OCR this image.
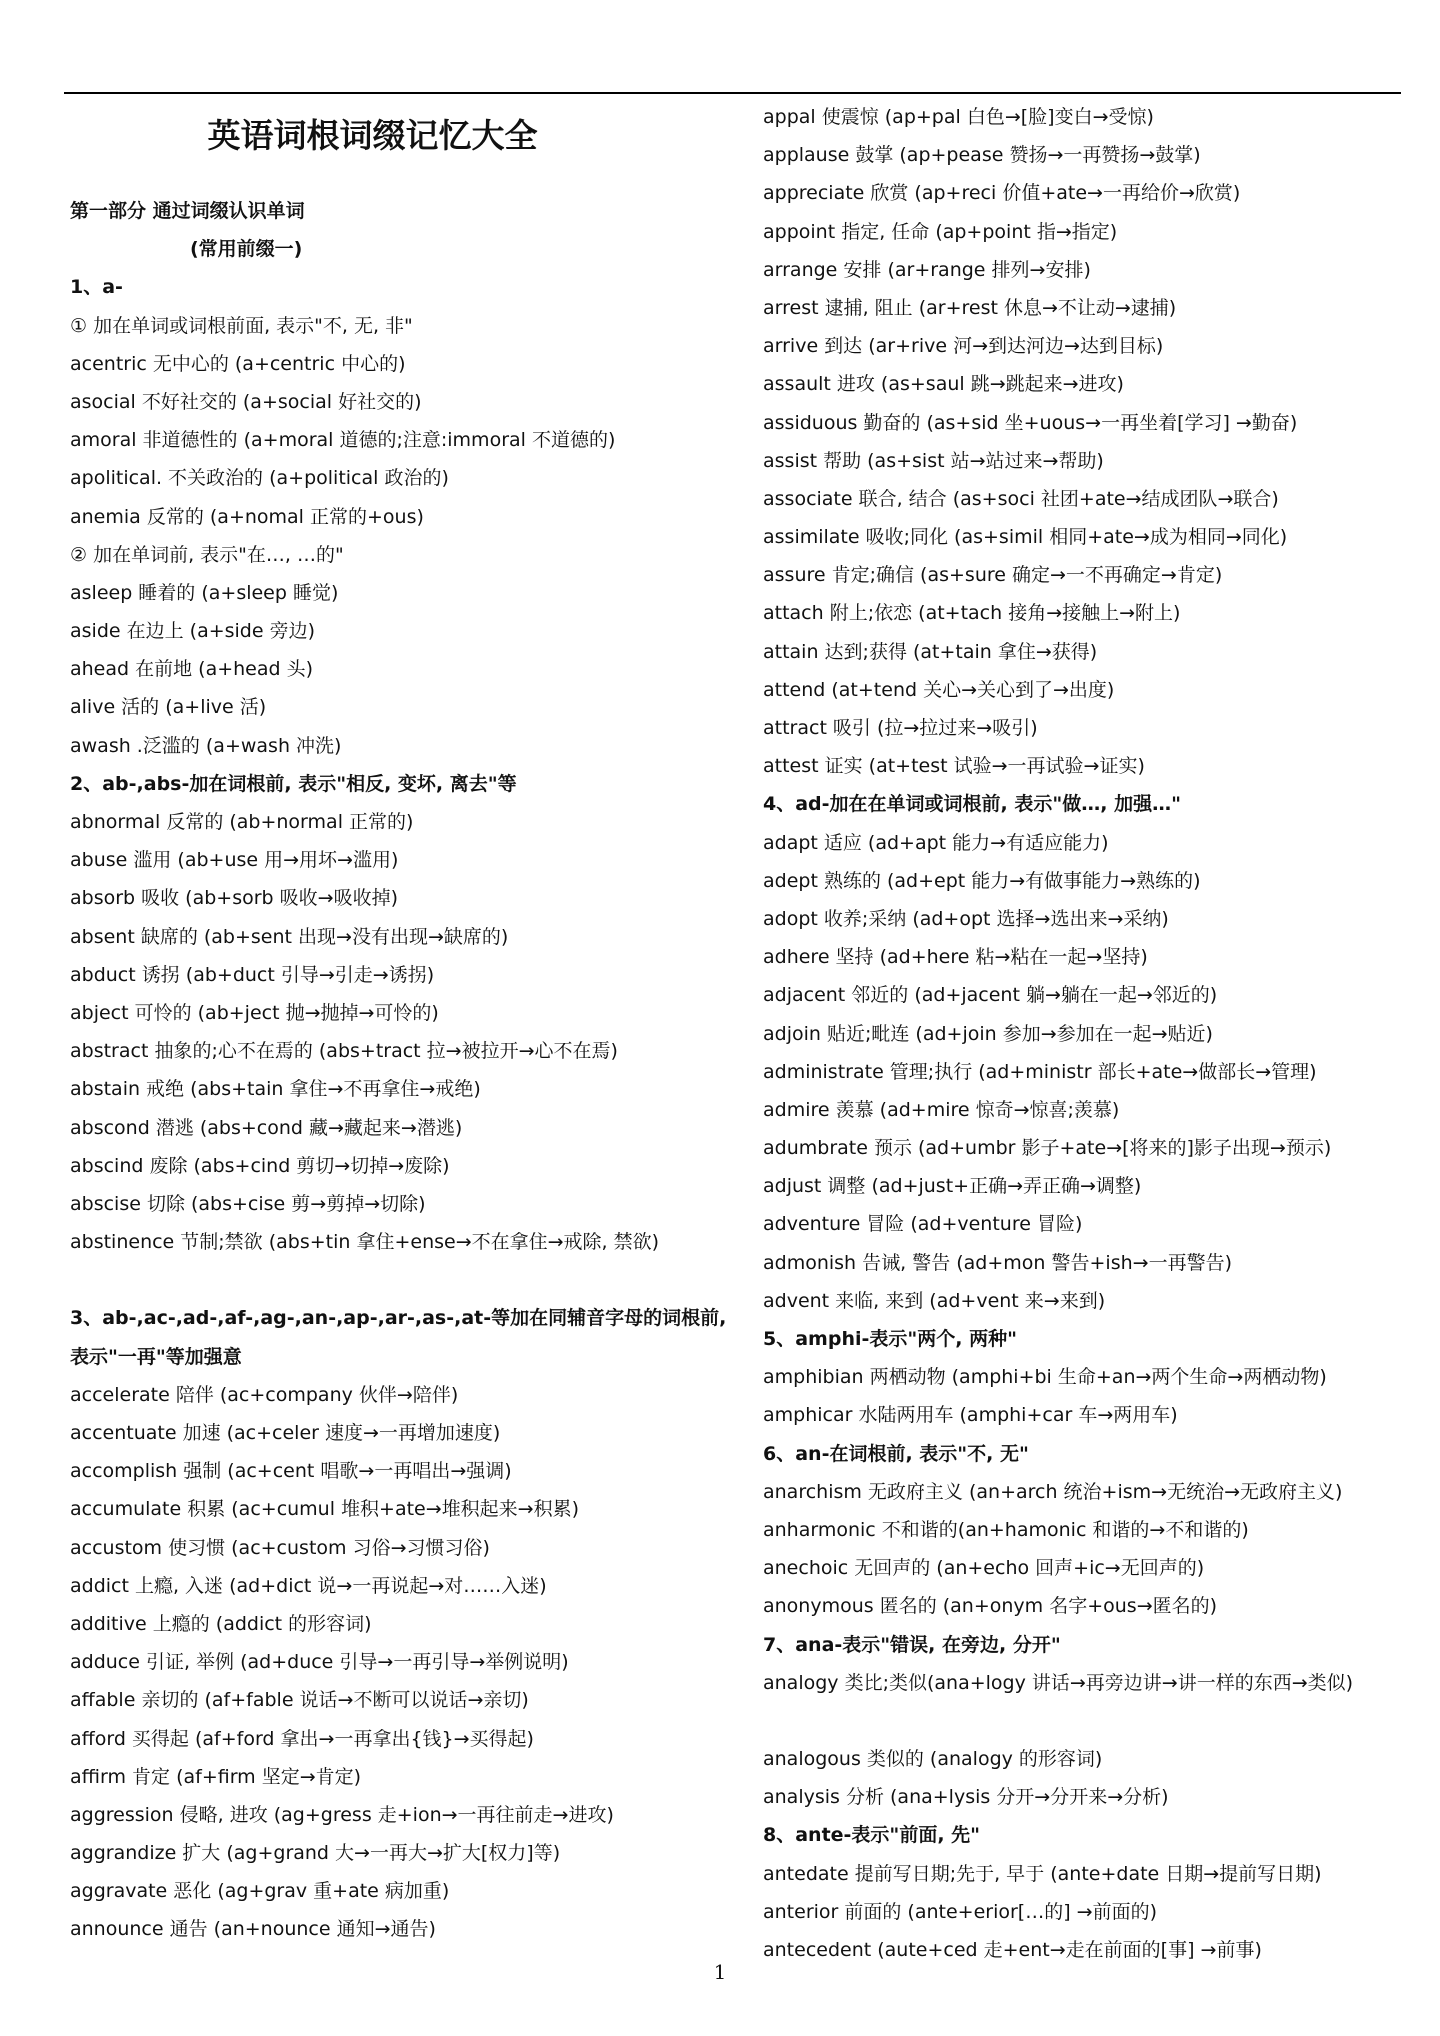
英语词根词缀记忆大全
第一部分 通过词缀认识单词
(常用前缀一)
1、a-
① 加在单词或词根前面, 表示"不, 无, 非"
acentric 无中心的 (a+centric 中心的)
asocial 不好社交的 (a+social 好社交的)
amoral 非道德性的 (a+moral 道德的;注意:immoral 不道德的)
apolitical. 不关政治的 (a+political 政治的)
anemia 反常的 (a+nomal 正常的+ous)
② 加在单词前, 表示"在…, …的"
asleep 睡着的 (a+sleep 睡觉)
aside 在边上 (a+side 旁边)
ahead 在前地 (a+head 头)
alive 活的 (a+live 活)
awash .泛滥的 (a+wash 冲洗)
2、ab-,abs-加在词根前, 表示"相反, 变坏, 离去"等
abnormal 反常的 (ab+normal 正常的)
abuse 滥用 (ab+use 用→用坏→滥用)
absorb 吸收 (ab+sorb 吸收→吸收掉)
absent 缺席的 (ab+sent 出现→没有出现→缺席的)
abduct 诱拐 (ab+duct 引导→引走→诱拐)
abject 可怜的 (ab+ject 抛→抛掉→可怜的)
abstract 抽象的;心不在焉的 (abs+tract 拉→被拉开→心不在焉)
abstain 戒绝 (abs+tain 拿住→不再拿住→戒绝)
abscond 潜逃 (abs+cond 藏→藏起来→潜逃)
abscind 废除 (abs+cind 剪切→切掉→废除)
abscise 切除 (abs+cise 剪→剪掉→切除)
abstinence 节制;禁欲 (abs+tin 拿住+ense→不在拿住→戒除, 禁欲)
3、ab-,ac-,ad-,af-,ag-,an-,ap-,ar-,as-,at-等加在同辅音字母的词根前, 表示"一再"等加强意
accelerate 陪伴 (ac+company 伙伴→陪伴)
accentuate 加速 (ac+celer 速度→一再增加速度)
accomplish 强制 (ac+cent 唱歌→一再唱出→强调)
accumulate 积累 (ac+cumul 堆积+ate→堆积起来→积累)
accustom 使习惯 (ac+custom 习俗→习惯习俗)
addict 上瘾, 入迷 (ad+dict 说→一再说起→对……入迷)
additive 上瘾的 (addict 的形容词)
adduce 引证, 举例 (ad+duce 引导→一再引导→举例说明)
affable 亲切的 (af+fable 说话→不断可以说话→亲切)
afford 买得起 (af+ford 拿出→一再拿出{钱}→买得起)
affirm 肯定 (af+firm 坚定→肯定)
aggression 侵略, 进攻 (ag+gress 走+ion→一再往前走→进攻)
aggrandize 扩大 (ag+grand 大→一再大→扩大[权力]等)
aggravate 恶化 (ag+grav 重+ate 病加重)
announce 通告 (an+nounce 通知→通告)
appal 使震惊 (ap+pal 白色→[脸]变白→受惊)
applause 鼓掌 (ap+pease 赞扬→一再赞扬→鼓掌)
appreciate 欣赏 (ap+reci 价值+ate→一再给价→欣赏)
appoint 指定, 任命 (ap+point 指→指定)
arrange 安排 (ar+range 排列→安排)
arrest 逮捕, 阻止 (ar+rest 休息→不让动→逮捕)
arrive 到达 (ar+rive 河→到达河边→达到目标)
assault 进攻 (as+saul 跳→跳起来→进攻)
assiduous 勤奋的 (as+sid 坐+uous→一再坐着[学习] →勤奋)
assist 帮助 (as+sist 站→站过来→帮助)
associate 联合, 结合 (as+soci 社团+ate→结成团队→联合)
assimilate 吸收;同化 (as+simil 相同+ate→成为相同→同化)
assure 肯定;确信 (as+sure 确定→一不再确定→肯定)
attach 附上;依恋 (at+tach 接角→接触上→附上)
attain 达到;获得 (at+tain 拿住→获得)
attend (at+tend 关心→关心到了→出度)
attract 吸引 (拉→拉过来→吸引)
attest 证实 (at+test 试验→一再试验→证实)
4、ad-加在在单词或词根前, 表示"做…, 加强…"
adapt 适应 (ad+apt 能力→有适应能力)
adept 熟练的 (ad+ept 能力→有做事能力→熟练的)
adopt 收养;采纳 (ad+opt 选择→选出来→采纳)
adhere 坚持 (ad+here 粘→粘在一起→坚持)
adjacent 邻近的 (ad+jacent 躺→躺在一起→邻近的)
adjoin 贴近;毗连 (ad+join 参加→参加在一起→贴近)
administrate 管理;执行 (ad+ministr 部长+ate→做部长→管理)
admire 羡慕 (ad+mire 惊奇→惊喜;羡慕)
adumbrate 预示 (ad+umbr 影子+ate→[将来的]影子出现→预示)
adjust 调整 (ad+just+正确→弄正确→调整)
adventure 冒险 (ad+venture 冒险)
admonish 告诫, 警告 (ad+mon 警告+ish→一再警告)
advent 来临, 来到 (ad+vent 来→来到)
5、amphi-表示"两个, 两种"
amphibian 两栖动物 (amphi+bi 生命+an→两个生命→两栖动物)
amphicar 水陆两用车 (amphi+car 车→两用车)
6、an-在词根前, 表示"不, 无"
anarchism 无政府主义 (an+arch 统治+ism→无统治→无政府主义)
anharmonic 不和谐的(an+hamonic 和谐的→不和谐的)
anechoic 无回声的 (an+echo 回声+ic→无回声的)
anonymous 匿名的 (an+onym 名字+ous→匿名的)
7、ana-表示"错误, 在旁边, 分开"
analogy 类比;类似(ana+logy 讲话→再旁边讲→讲一样的东西→类似)
analogous 类似的 (analogy 的形容词)
analysis 分析 (ana+lysis 分开→分开来→分析)
8、ante-表示"前面, 先"
antedate 提前写日期;先于, 早于 (ante+date 日期→提前写日期)
anterior 前面的 (ante+erior[…的] →前面的)
antecedent (aute+ced 走+ent→走在前面的[事] →前事)
1
